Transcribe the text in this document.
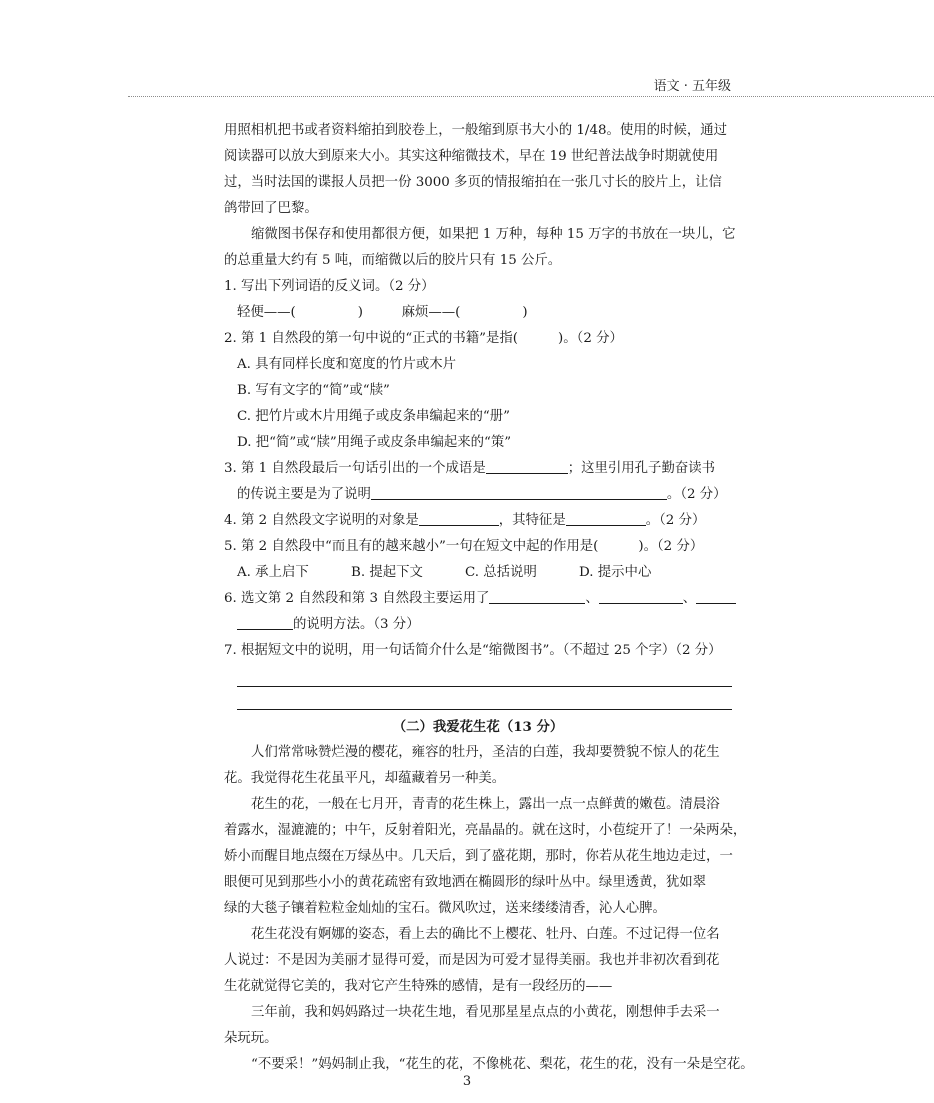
语文 · 五年级
用照相机把书或者资料缩拍到胶卷上，一般缩到原书大小的 1/48。使用的时候，通过
阅读器可以放大到原来大小。其实这种缩微技术，早在 19 世纪普法战争时期就使用
过，当时法国的谍报人员把一份 3000 多页的情报缩拍在一张几寸长的胶片上，让信
鸽带回了巴黎。
缩微图书保存和使用都很方便，如果把 1 万种，每种 15 万字的书放在一块儿，它
的总重量大约有 5 吨，而缩微以后的胶片只有 15 公斤。
1. 写出下列词语的反义词。（2 分）
轻便——(	)	麻烦——(	)
2. 第 1 自然段的第一句中说的“正式的书籍”是指(	)。（2 分）
A. 具有同样长度和宽度的竹片或木片
B. 写有文字的“简”或“牍”
C. 把竹片或木片用绳子或皮条串编起来的“册”
D. 把“简”或“牍”用绳子或皮条串编起来的“策”
3. 第 1 自然段最后一句话引出的一个成语是	；这里引用孔子勤奋读书
的传说主要是为了说明	。（2 分）
4. 第 2 自然段文字说明的对象是	，其特征是	。（2 分）
5. 第 2 自然段中“而且有的越来越小”一句在短文中起的作用是(	)。（2 分）
A. 承上启下	B. 提起下文	C. 总括说明	D. 提示中心
6. 选文第 2 自然段和第 3 自然段主要运用了	、	、
的说明方法。（3 分）
7. 根据短文中的说明，用一句话简介什么是“缩微图书”。（不超过 25 个字）（2 分）
（二）我爱花生花（13 分）
人们常常咏赞烂漫的樱花，雍容的牡丹，圣洁的白莲，我却要赞貌不惊人的花生
花。我觉得花生花虽平凡，却蕴藏着另一种美。
花生的花，一般在七月开，青青的花生株上，露出一点一点鲜黄的嫩苞。清晨浴
着露水，湿漉漉的；中午，反射着阳光，亮晶晶的。就在这时，小苞绽开了！一朵两朵，
娇小而醒目地点缀在万绿丛中。几天后，到了盛花期，那时，你若从花生地边走过，一
眼便可见到那些小小的黄花疏密有致地洒在椭圆形的绿叶丛中。绿里透黄，犹如翠
绿的大毯子镶着粒粒金灿灿的宝石。微风吹过，送来缕缕清香，沁人心脾。
花生花没有婀娜的姿态，看上去的确比不上樱花、牡丹、白莲。不过记得一位名
人说过：不是因为美丽才显得可爱，而是因为可爱才显得美丽。我也并非初次看到花
生花就觉得它美的，我对它产生特殊的感情，是有一段经历的——
三年前，我和妈妈路过一块花生地，看见那星星点点的小黄花，刚想伸手去采一
朵玩玩。
“不要采！”妈妈制止我，“花生的花，不像桃花、梨花，花生的花，没有一朵是空花。
3
